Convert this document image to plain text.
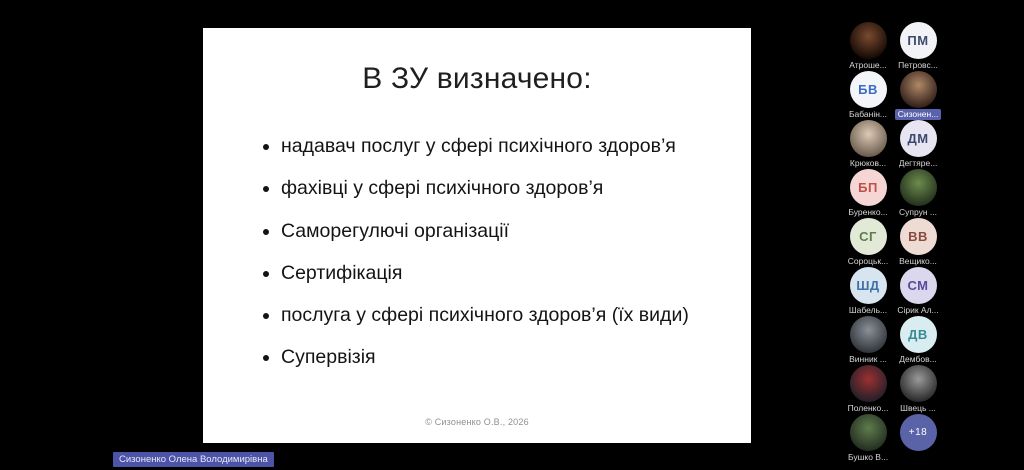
В ЗУ визначено:
• надавач послуг у сфері психічного здоров’я
• фахівці у сфері психічного здоров’я
• Саморегулючі організації
• Сертифікація
• послуга у сфері психічного здоров’я (їх види)
• Супервізія
© Сизоненко О.В., 2026
Сизоненко Олена Володимирівна
Атроше...
ПМ
Петровс...
БВ
Бабанін...	Сизонен...
Крюков...
ДМ
Дегтяре...
БП
Буренко... Супрун ...
СГ
Сороцьк...
ВВ
Вещико...
ШД
Шабель...
СМ
Сірик Ал...
Винник ...
ДВ
Дембов...
Поленко... Швець ...
Бушко В...
+18
